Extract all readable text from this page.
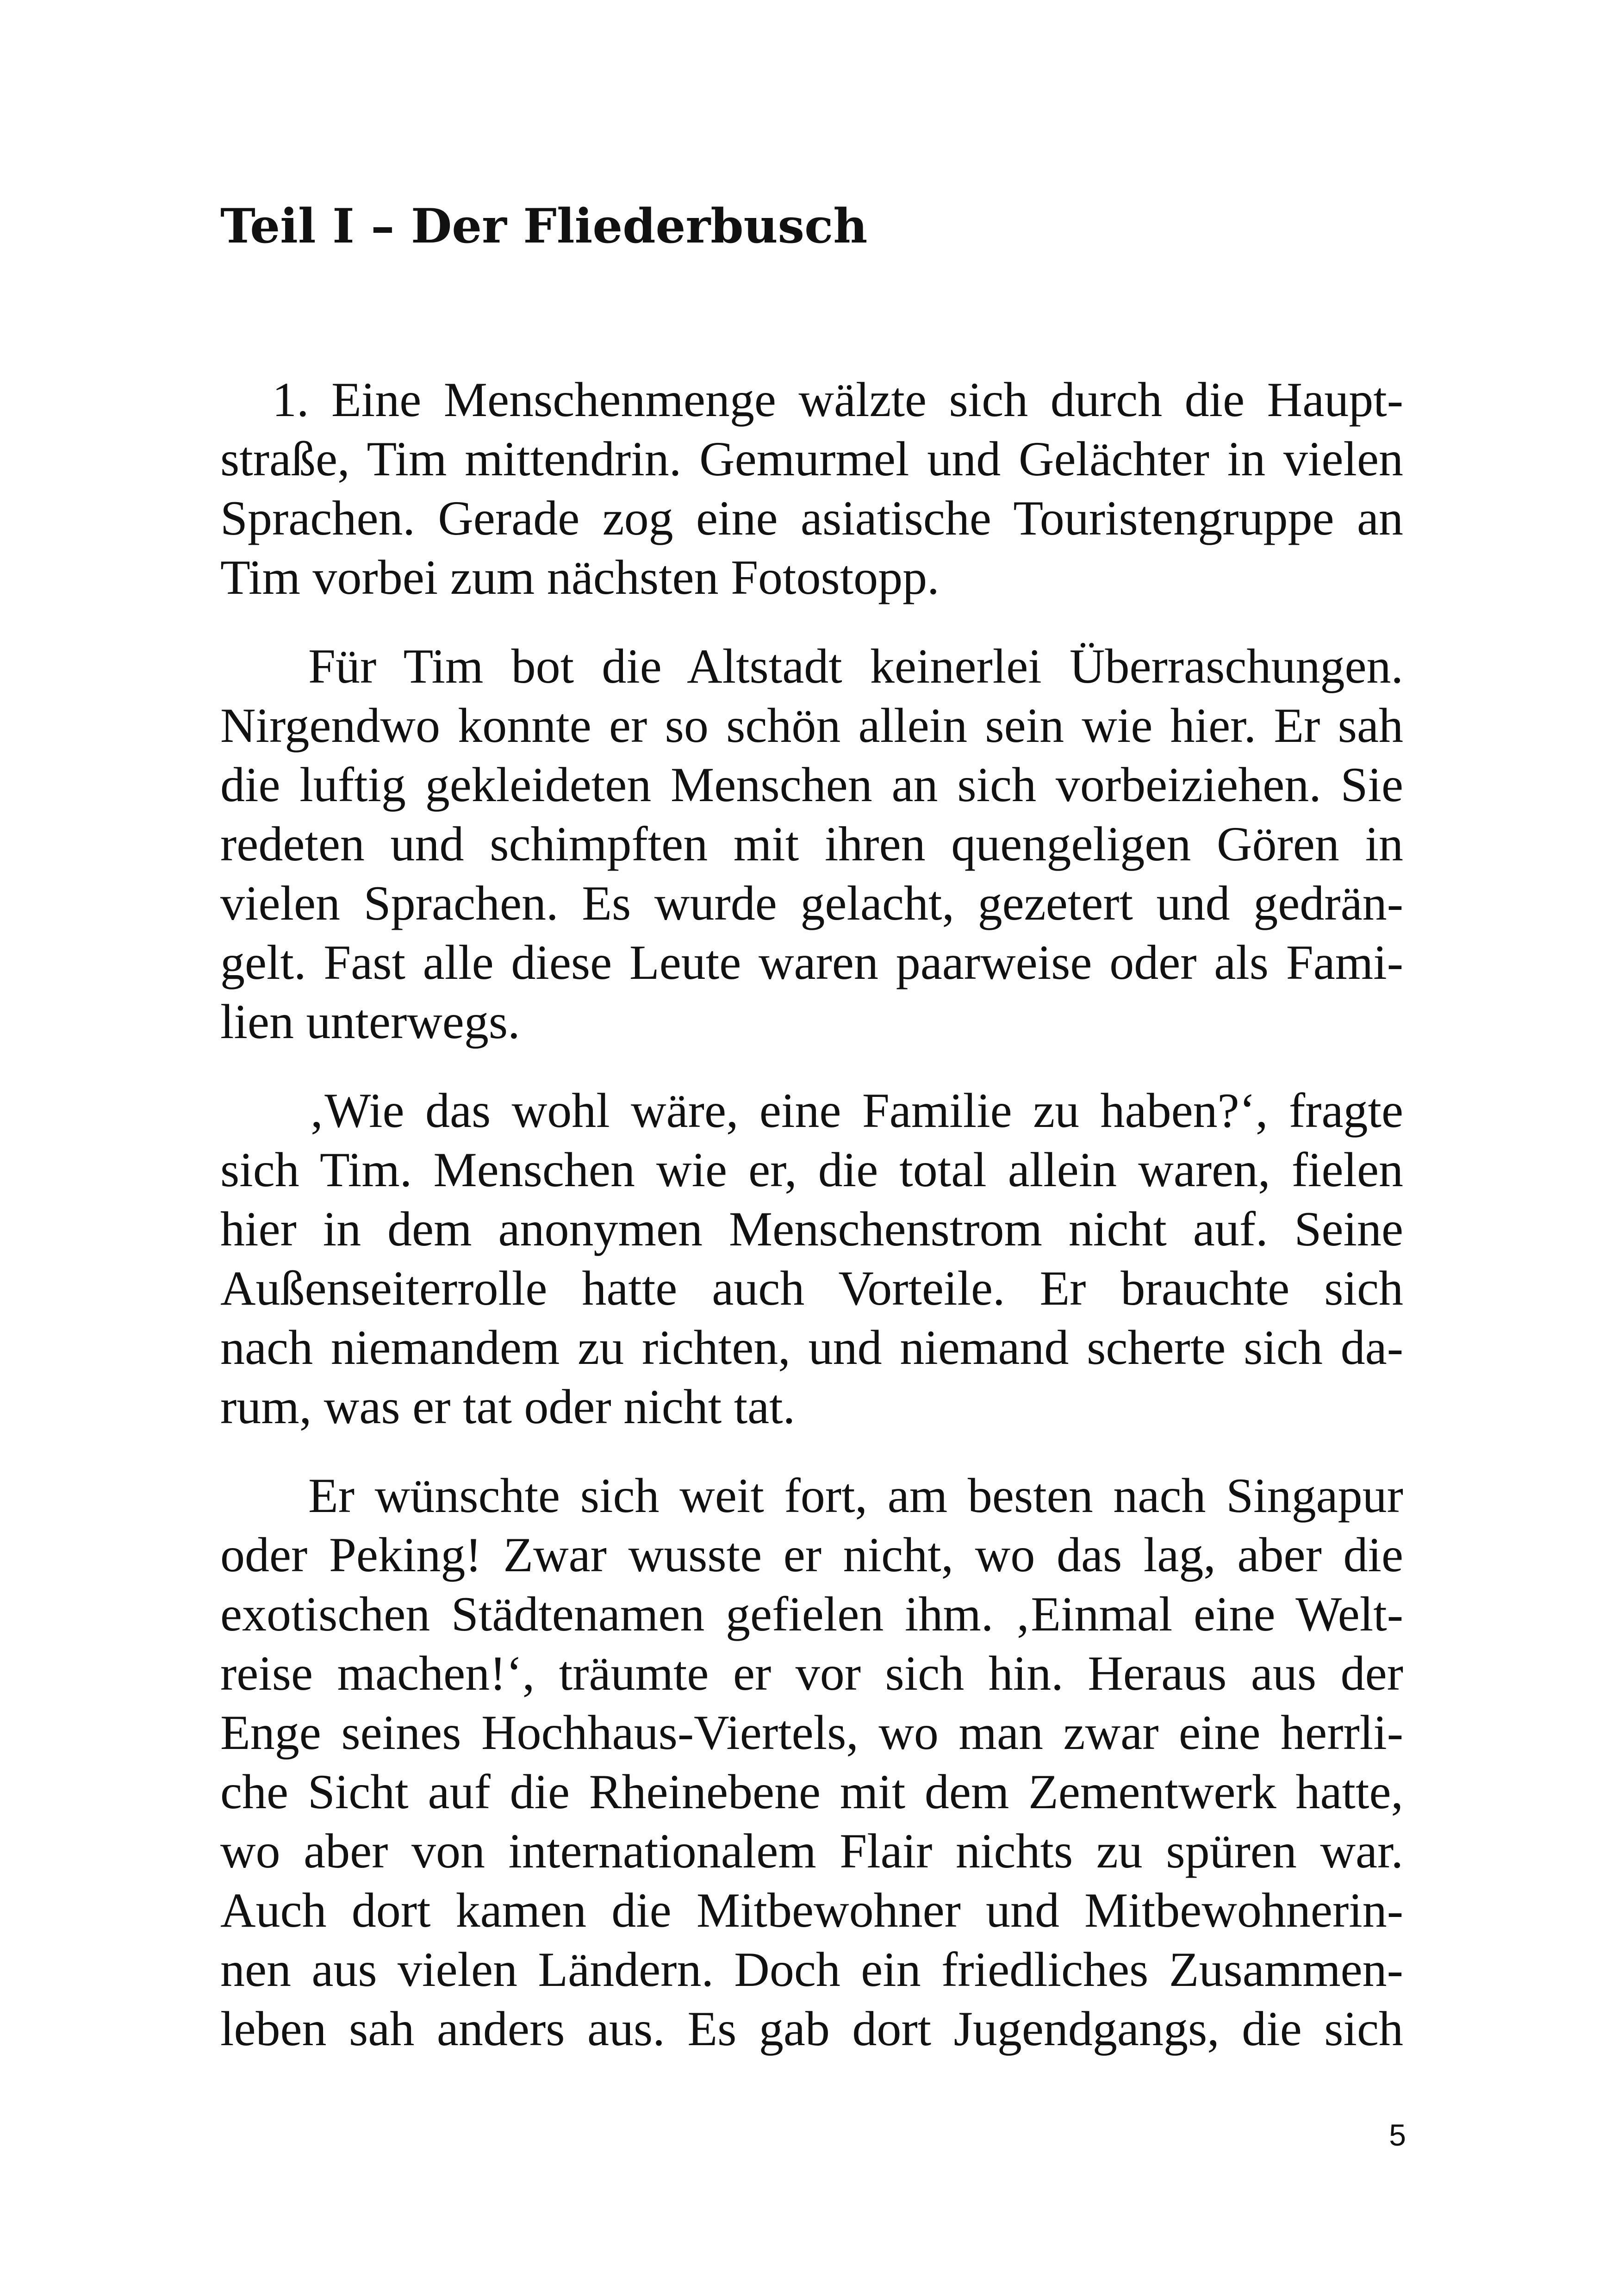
Teil I – Der Fliederbusch

1. Eine Menschenmenge wälzte sich durch die Haupt-
straße, Tim mittendrin. Gemurmel und Gelächter in vielen
Sprachen. Gerade zog eine asiatische Touristengruppe an
Tim vorbei zum nächsten Fotostopp.

Für Tim bot die Altstadt keinerlei Überraschungen.
Nirgendwo konnte er so schön allein sein wie hier. Er sah
die luftig gekleideten Menschen an sich vorbeiziehen. Sie
redeten und schimpften mit ihren quengeligen Gören in
vielen Sprachen. Es wurde gelacht, gezetert und gedrän-
gelt. Fast alle diese Leute waren paarweise oder als Fami-
lien unterwegs.

‚Wie das wohl wäre, eine Familie zu haben?‘, fragte
sich Tim. Menschen wie er, die total allein waren, fielen
hier in dem anonymen Menschenstrom nicht auf. Seine
Außenseiterrolle hatte auch Vorteile. Er brauchte sich
nach niemandem zu richten, und niemand scherte sich da-
rum, was er tat oder nicht tat.

Er wünschte sich weit fort, am besten nach Singapur
oder Peking! Zwar wusste er nicht, wo das lag, aber die
exotischen Städtenamen gefielen ihm. ‚Einmal eine Welt-
reise machen!‘, träumte er vor sich hin. Heraus aus der
Enge seines Hochhaus-Viertels, wo man zwar eine herrli-
che Sicht auf die Rheinebene mit dem Zementwerk hatte,
wo aber von internationalem Flair nichts zu spüren war.
Auch dort kamen die Mitbewohner und Mitbewohnerin-
nen aus vielen Ländern. Doch ein friedliches Zusammen-
leben sah anders aus. Es gab dort Jugendgangs, die sich

5
